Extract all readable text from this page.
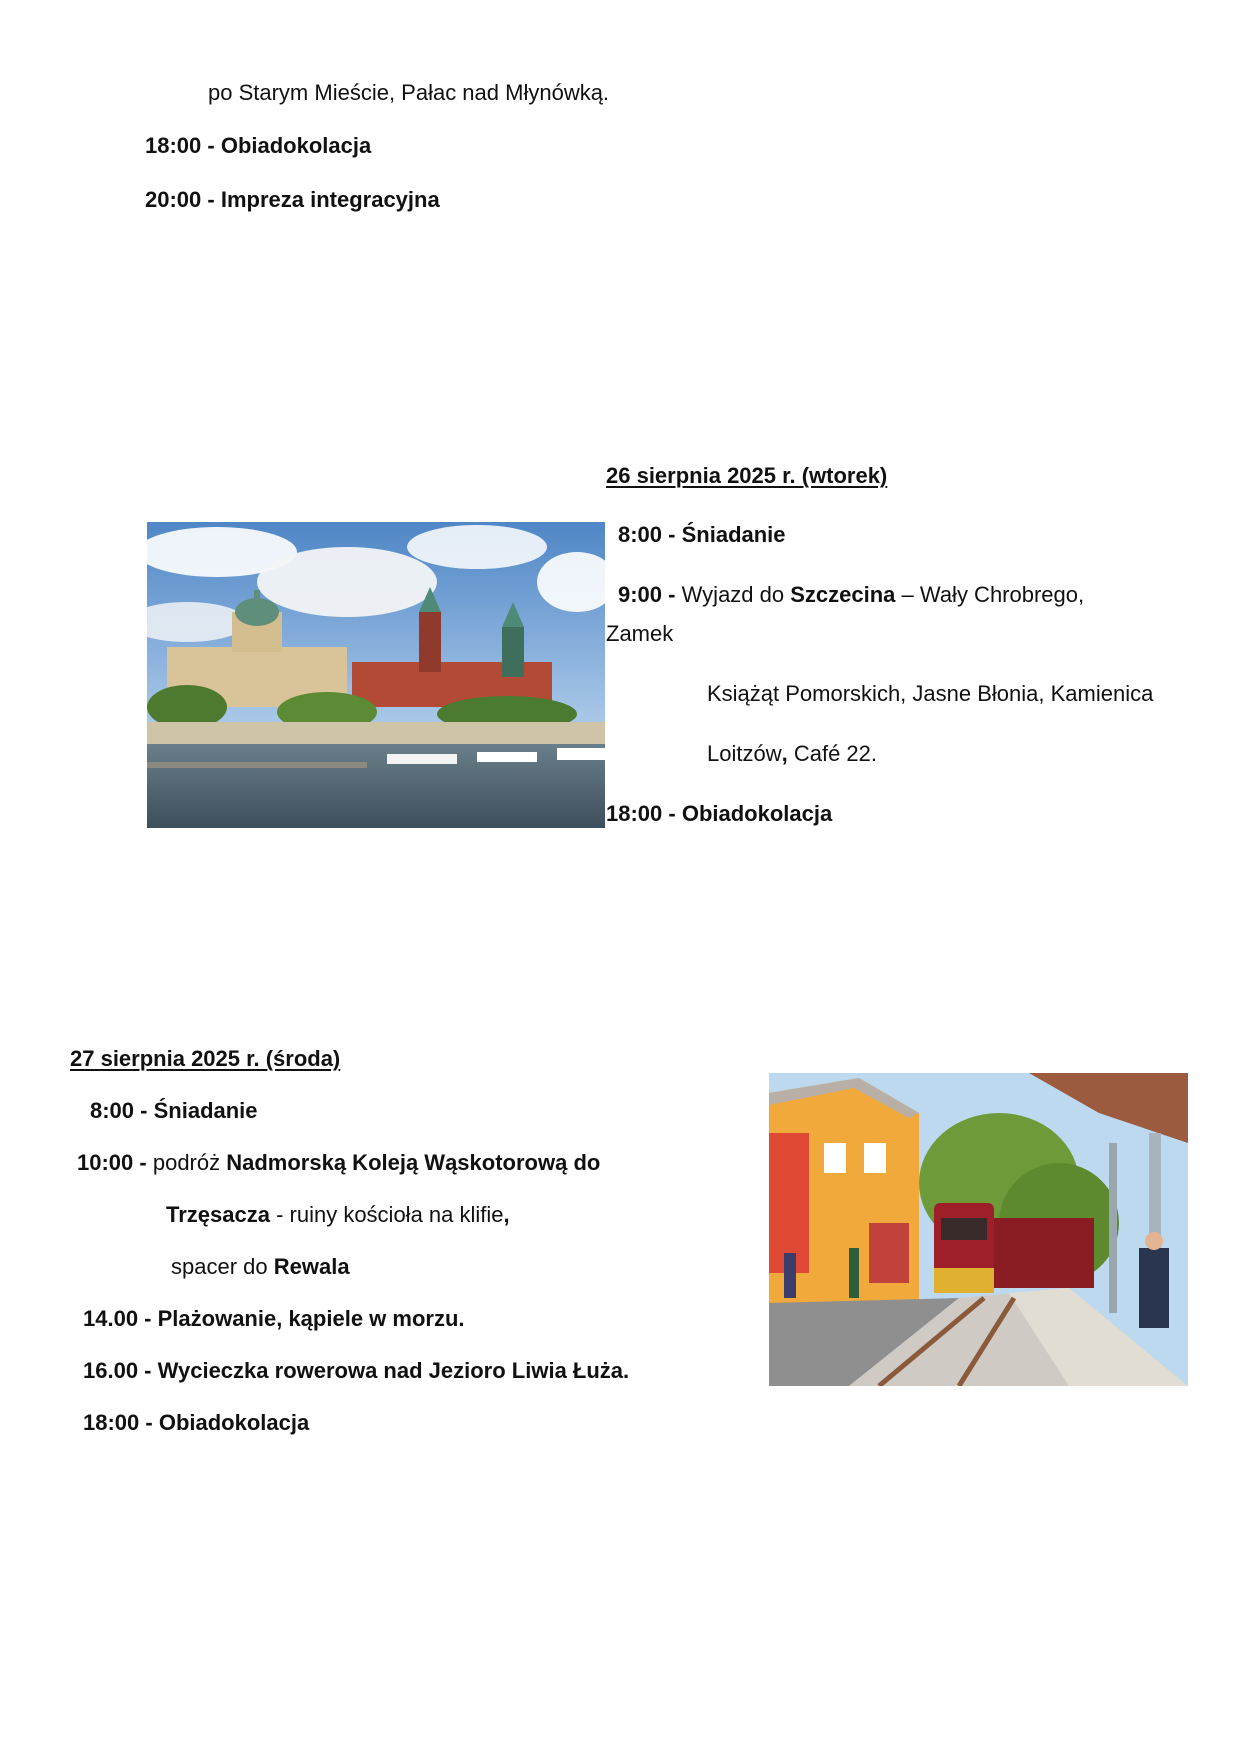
po Starym Mieście, Pałac nad Młynówką.

18:00 - Obiadokolacja

20:00 - Impreza integracyjna

26 sierpnia 2025 r. (wtorek)

8:00 - Śniadanie

9:00 - Wyjazd do Szczecina – Wały Chrobrego,

Zamek

Książąt Pomorskich, Jasne Błonia, Kamienica

Loitzów, Café 22.

18:00 - Obiadokolacja

27 sierpnia 2025 r. (środa)

8:00 - Śniadanie

10:00 - podróż Nadmorską Koleją Wąskotorową do

Trzęsacza - ruiny kościoła na klifie,

spacer do Rewala

14.00 - Plażowanie, kąpiele w morzu.

16.00 - Wycieczka rowerowa nad Jezioro Liwia Łuża.

18:00 - Obiadokolacja
